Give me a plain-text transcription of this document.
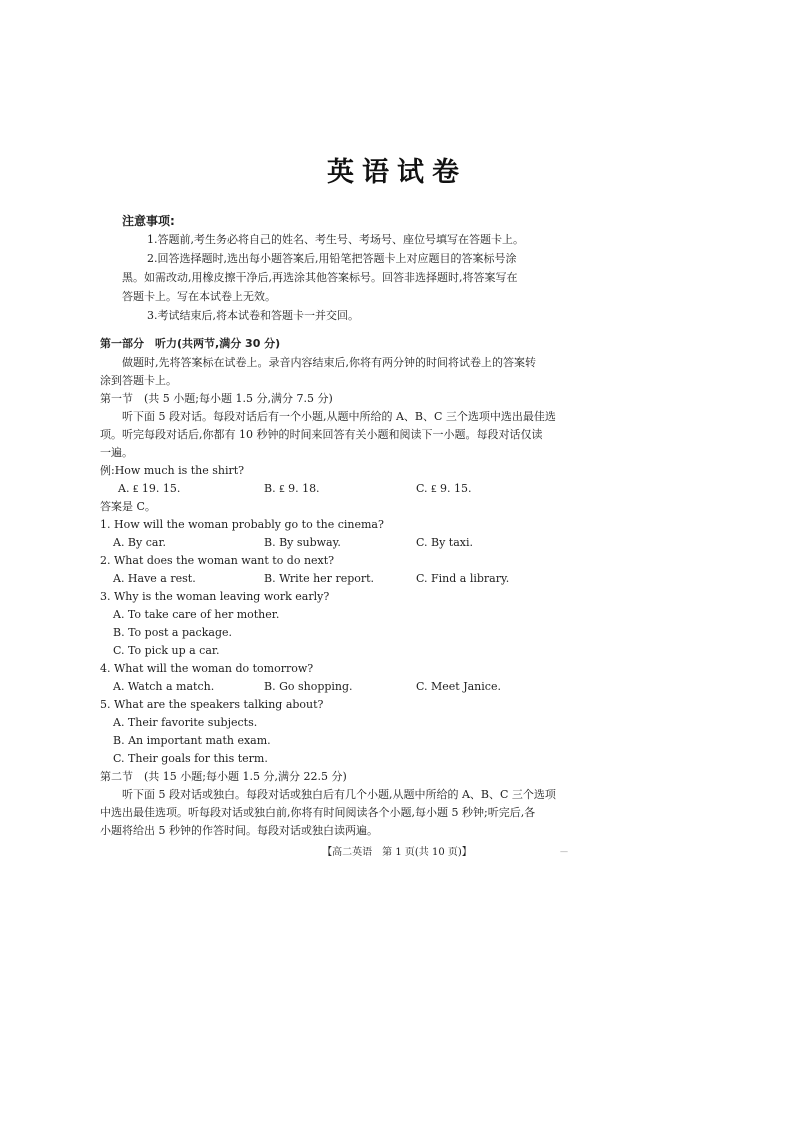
英语试卷
注意事项:
1.答题前,考生务必将自己的姓名、考生号、考场号、座位号填写在答题卡上。
2.回答选择题时,选出每小题答案后,用铅笔把答题卡上对应题目的答案标号涂
黑。如需改动,用橡皮擦干净后,再选涂其他答案标号。回答非选择题时,将答案写在
答题卡上。写在本试卷上无效。
3.考试结束后,将本试卷和答题卡一并交回。
第一部分　听力(共两节,满分 30 分)
做题时,先将答案标在试卷上。录音内容结束后,你将有两分钟的时间将试卷上的答案转
涂到答题卡上。
第一节　(共 5 小题;每小题 1.5 分,满分 7.5 分)
听下面 5 段对话。每段对话后有一个小题,从题中所给的 A、B、C 三个选项中选出最佳选
项。听完每段对话后,你都有 10 秒钟的时间来回答有关小题和阅读下一小题。每段对话仅读
一遍。
例:How much is the shirt?
A. ₤ 19. 15.	B. ₤ 9. 18.	C. ₤ 9. 15.
答案是 C。
1. How will the woman probably go to the cinema?
A. By car.	B. By subway.	C. By taxi.
2. What does the woman want to do next?
A. Have a rest.	B. Write her report.	C. Find a library.
3. Why is the woman leaving work early?
A. To take care of her mother.
B. To post a package.
C. To pick up a car.
4. What will the woman do tomorrow?
A. Watch a match.	B. Go shopping.	C. Meet Janice.
5. What are the speakers talking about?
A. Their favorite subjects.
B. An important math exam.
C. Their goals for this term.
第二节　(共 15 小题;每小题 1.5 分,满分 22.5 分)
听下面 5 段对话或独白。每段对话或独白后有几个小题,从题中所给的 A、B、C 三个选项
中选出最佳选项。听每段对话或独白前,你将有时间阅读各个小题,每小题 5 秒钟;听完后,各
小题将给出 5 秒钟的作答时间。每段对话或独白读两遍。
【高二英语　第 1 页(共 10 页)】	—
